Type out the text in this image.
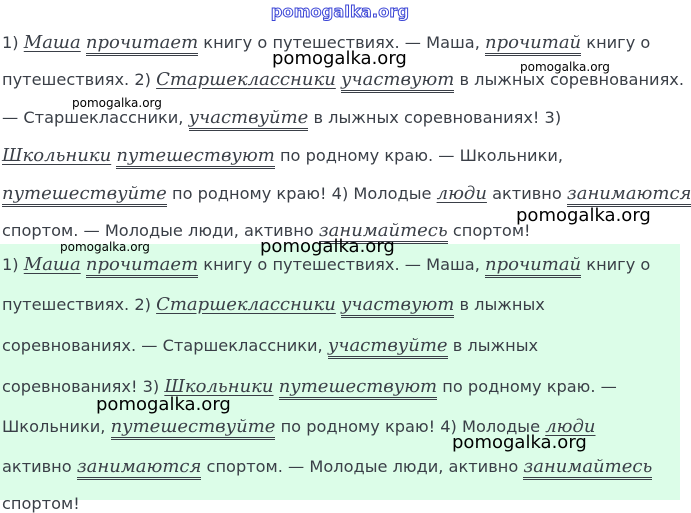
pomogalka.org
1) Маша прочитает книгу о путешествиях. — Маша, прочитай книгу о
путешествиях. 2) Старшеклассники участвуют в лыжных соревнованиях.
— Старшеклассники, участвуйте в лыжных соревнованиях! 3)
Школьники путешествуют по родному краю. — Школьники,
путешествуйте по родному краю! 4) Молодые люди активно занимаются
спортом. — Молодые люди, активно занимайтесь спортом!
1) Маша прочитает книгу о путешествиях. — Маша, прочитай книгу о
путешествиях. 2) Старшеклассники участвуют в лыжных
соревнованиях. — Старшеклассники, участвуйте в лыжных
соревнованиях! 3) Школьники путешествуют по родному краю. —
Школьники, путешествуйте по родному краю! 4) Молодые люди
активно занимаются спортом. — Молодые люди, активно занимайтесь
спортом!
pomogalka.org	pomogalka.org
pomogalka.org
pomogalka.org
pomogalka.org	pomogalka.org
pomogalka.org
pomogalka.org
